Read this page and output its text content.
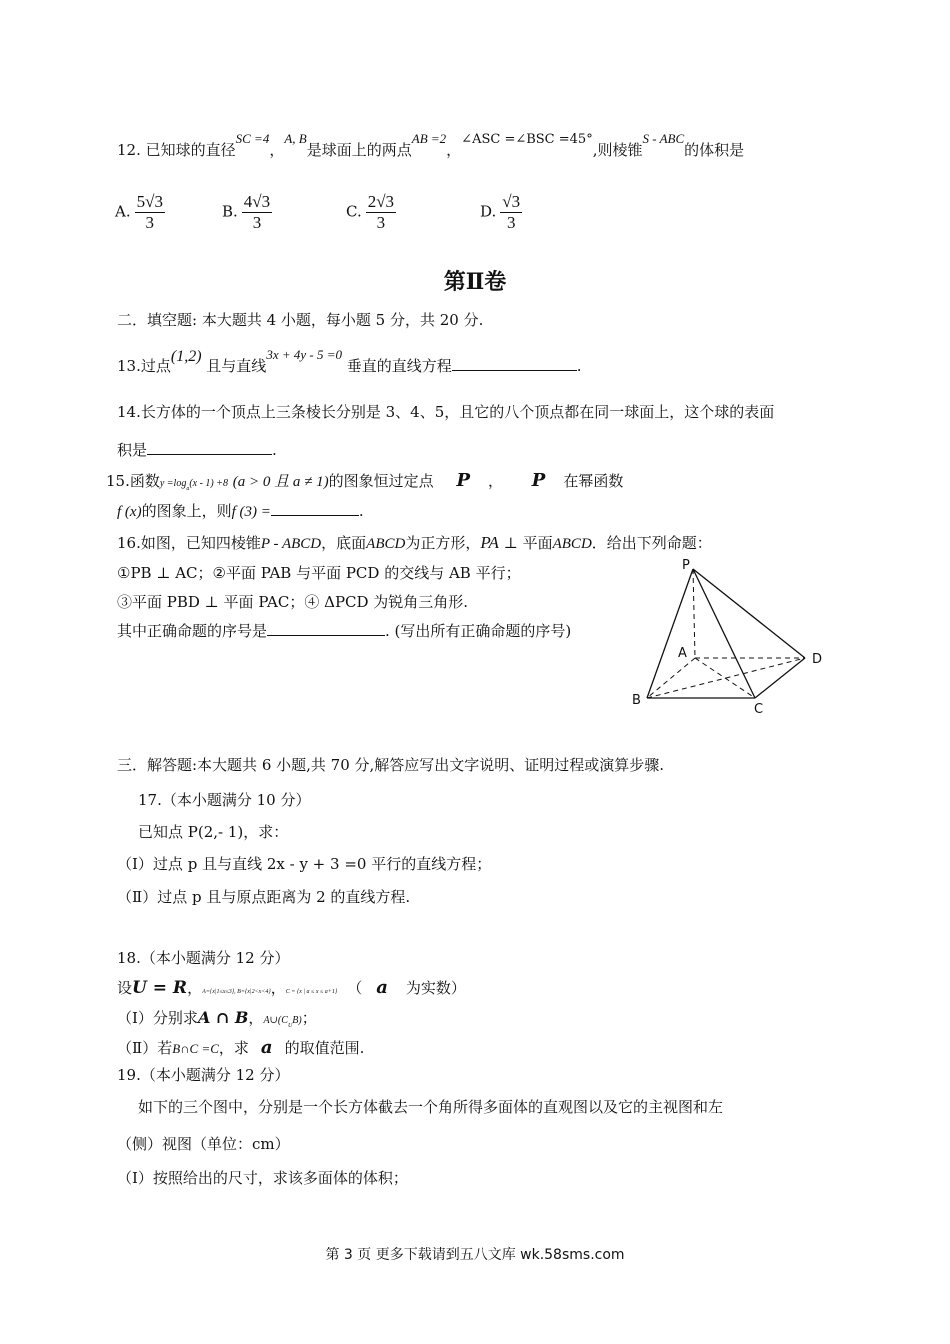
12. 已知球的直径SC =4，A, B是球面上的两点AB =2，∠ASC =∠BSC =45°,则棱锥S - ABC的体积是
A. $\frac{5√3}{3}$	B. $\frac{4√3}{3}$	C. $\frac{2√3}{3}$	D. $\frac{√3}{3}$
第Ⅱ卷
二．填空题: 本大题共 4 小题，每小题 5 分，共 20 分.
13.过点(1,2) 且与直线3x + 4y - 5 =0 垂直的直线方程	.
14.长方体的一个顶点上三条棱长分别是 3、4、5，且它的八个顶点都在同一球面上，这个球的表面
积是	.
15.函数$y =\log_a(x - 1) +8$ (a > 0 且 a ≠ 1)的图象恒过定点 P ， P 在幂函数
f (x)的图象上，则f (3) =	.
16.如图，已知四棱锥P - ABCD，底面ABCD为正方形，PA ⊥ 平面ABCD．给出下列命题：
①PB ⊥ AC；②平面 PAB 与平面 PCD 的交线与 AB 平行；
③平面 PBD ⊥ 平面 PAC；④ ΔPCD 为锐角三角形.
其中正确命题的序号是	. (写出所有正确命题的序号)
P
A	D
B
C
三．解答题:本大题共 6 小题,共 70 分,解答应写出文字说明、证明过程或演算步骤.
17.（本小题满分 10 分）
已知点 P(2,- 1)，求：
（Ⅰ）过点 p 且与直线 2x - y + 3 =0 平行的直线方程；
（Ⅱ）过点 p 且与原点距离为 2 的直线方程.
18.（本小题满分 12 分）
设U = R，A={x|1≤x≤3}, B={x|2<x<4}，C = {x | a ≤ x ≤ a+1} （ a 为实数）
（Ⅰ）分别求A ∩ B，$A\cup(C_UB)$；
（Ⅱ）若B∩C =C，求 a 的取值范围.
19.（本小题满分 12 分）
如下的三个图中，分别是一个长方体截去一个角所得多面体的直观图以及它的主视图和左
（侧）视图（单位：cm）
（Ⅰ）按照给出的尺寸，求该多面体的体积；
第 3 页 更多下载请到五八文库 wk.58sms.com
